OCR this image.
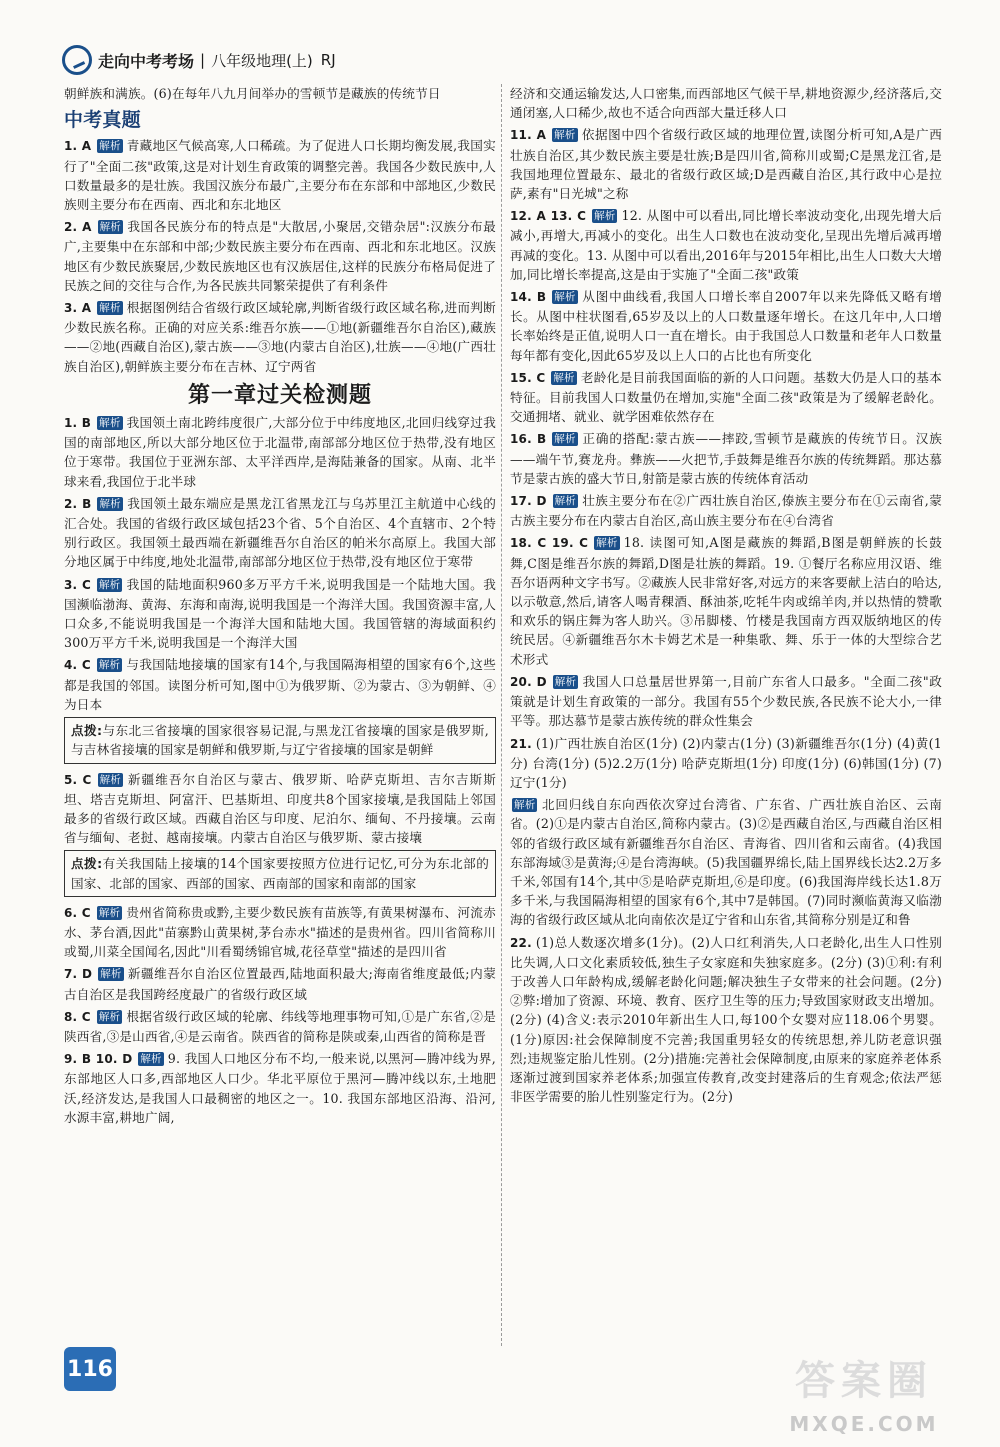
走向中考考场 | 八年级地理(上) RJ

朝鲜族和满族。(6)在每年八九月间举办的雪顿节是藏族的传统节日

中考真题

1. A 解析 青藏地区气候高寒,人口稀疏。为了促进人口长期均衡发展,我国实行了"全面二孩"政策,这是对计划生育政策的调整完善。我国各少数民族中,人口数量最多的是壮族。我国汉族分布最广,主要分布在东部和中部地区,少数民族则主要分布在西南、西北和东北地区

2. A 解析 我国各民族分布的特点是"大散居,小聚居,交错杂居":汉族分布最广,主要集中在东部和中部;少数民族主要分布在西南、西北和东北地区。汉族地区有少数民族聚居,少数民族地区也有汉族居住,这样的民族分布格局促进了民族之间的交往与合作,为各民族共同繁荣提供了有利条件

3. A 解析 根据图例结合省级行政区域轮廓,判断省级行政区域名称,进而判断少数民族名称。正确的对应关系:维吾尔族——①地(新疆维吾尔自治区),藏族——②地(西藏自治区),蒙古族——③地(内蒙古自治区),壮族——④地(广西壮族自治区),朝鲜族主要分布在吉林、辽宁两省

第一章过关检测题

1. B 解析 我国领土南北跨纬度很广,大部分位于中纬度地区,北回归线穿过我国的南部地区,所以大部分地区位于北温带,南部部分地区位于热带,没有地区位于寒带。我国位于亚洲东部、太平洋西岸,是海陆兼备的国家。从南、北半球来看,我国位于北半球

2. B 解析 我国领土最东端应是黑龙江省黑龙江与乌苏里江主航道中心线的汇合处。我国的省级行政区域包括23个省、5个自治区、4个直辖市、2个特别行政区。我国领土最西端在新疆维吾尔自治区的帕米尔高原上。我国大部分地区属于中纬度,地处北温带,南部部分地区位于热带,没有地区位于寒带

3. C 解析 我国的陆地面积960多万平方千米,说明我国是一个陆地大国。我国濒临渤海、黄海、东海和南海,说明我国是一个海洋大国。我国资源丰富,人口众多,不能说明我国是一个海洋大国和陆地大国。我国管辖的海域面积约300万平方千米,说明我国是一个海洋大国

4. C 解析 与我国陆地接壤的国家有14个,与我国隔海相望的国家有6个,这些都是我国的邻国。读图分析可知,图中①为俄罗斯、②为蒙古、③为朝鲜、④为日本

点拨:与东北三省接壤的国家很容易记混,与黑龙江省接壤的国家是俄罗斯,与吉林省接壤的国家是朝鲜和俄罗斯,与辽宁省接壤的国家是朝鲜

5. C 解析 新疆维吾尔自治区与蒙古、俄罗斯、哈萨克斯坦、吉尔吉斯斯坦、塔吉克斯坦、阿富汗、巴基斯坦、印度共8个国家接壤,是我国陆上邻国最多的省级行政区域。西藏自治区与印度、尼泊尔、缅甸、不丹接壤。云南省与缅甸、老挝、越南接壤。内蒙古自治区与俄罗斯、蒙古接壤

点拨:有关我国陆上接壤的14个国家要按照方位进行记忆,可分为东北部的国家、北部的国家、西部的国家、西南部的国家和南部的国家

6. C 解析 贵州省简称贵或黔,主要少数民族有苗族等,有黄果树瀑布、河流赤水、茅台酒,因此"苗寨黔山黄果树,茅台赤水"描述的是贵州省。四川省简称川或蜀,川菜全国闻名,因此"川看蜀绣锦官城,花径草堂"描述的是四川省

7. D 解析 新疆维吾尔自治区位置最西,陆地面积最大;海南省维度最低;内蒙古自治区是我国跨经度最广的省级行政区域

8. C 解析 根据省级行政区域的轮廓、纬线等地理事物可知,①是广东省,②是陕西省,③是山西省,④是云南省。陕西省的简称是陕或秦,山西省的简称是晋

9. B 10. D 解析 9. 我国人口地区分布不均,一般来说,以黑河—腾冲线为界,东部地区人口多,西部地区人口少。华北平原位于黑河—腾冲线以东,土地肥沃,经济发达,是我国人口最稠密的地区之一。10. 我国东部地区沿海、沿河,水源丰富,耕地广阔,

经济和交通运输发达,人口密集,而西部地区气候干旱,耕地资源少,经济落后,交通闭塞,人口稀少,故也不适合向西部大量迁移人口

11. A 解析 依据图中四个省级行政区域的地理位置,读图分析可知,A是广西壮族自治区,其少数民族主要是壮族;B是四川省,简称川或蜀;C是黑龙江省,是我国地理位置最东、最北的省级行政区域;D是西藏自治区,其行政中心是拉萨,素有"日光城"之称

12. A 13. C 解析 12. 从图中可以看出,同比增长率波动变化,出现先增大后减小,再增大,再减小的变化。出生人口数也在波动变化,呈现出先增后减再增再减的变化。13. 从图中可以看出,2016年与2015年相比,出生人口数大大增加,同比增长率提高,这是由于实施了"全面二孩"政策

14. B 解析 从图中曲线看,我国人口增长率自2007年以来先降低又略有增长。从图中柱状图看,65岁及以上的人口数量逐年增长。在这几年中,人口增长率始终是正值,说明人口一直在增长。由于我国总人口数量和老年人口数量每年都有变化,因此65岁及以上人口的占比也有所变化

15. C 解析 老龄化是目前我国面临的新的人口问题。基数大仍是人口的基本特征。目前我国人口数量仍在增加,实施"全面二孩"政策是为了缓解老龄化。交通拥堵、就业、就学困难依然存在

16. B 解析 正确的搭配:蒙古族——摔跤,雪顿节是藏族的传统节日。汉族——端午节,赛龙舟。彝族——火把节,手鼓舞是维吾尔族的传统舞蹈。那达慕节是蒙古族的盛大节日,射箭是蒙古族的传统体育活动

17. D 解析 壮族主要分布在②广西壮族自治区,傣族主要分布在①云南省,蒙古族主要分布在内蒙古自治区,高山族主要分布在④台湾省

18. C 19. C 解析 18. 读图可知,A图是藏族的舞蹈,B图是朝鲜族的长鼓舞,C图是维吾尔族的舞蹈,D图是壮族的舞蹈。19. ①餐厅名称应用汉语、维吾尔语两种文字书写。②藏族人民非常好客,对远方的来客要献上洁白的哈达,以示敬意,然后,请客人喝青稞酒、酥油茶,吃牦牛肉或绵羊肉,并以热情的赞歌和欢乐的锅庄舞为客人助兴。③吊脚楼、竹楼是我国南方西双版纳地区的传统民居。④新疆维吾尔木卡姆艺术是一种集歌、舞、乐于一体的大型综合艺术形式

20. D 解析 我国人口总量居世界第一,目前广东省人口最多。"全面二孩"政策就是计划生育政策的一部分。我国有55个少数民族,各民族不论大小,一律平等。那达慕节是蒙古族传统的群众性集会

21. (1)广西壮族自治区(1分) (2)内蒙古(1分) (3)新疆维吾尔(1分) (4)黄(1分) 台湾(1分) (5)2.2万(1分) 哈萨克斯坦(1分) 印度(1分) (6)韩国(1分) (7)辽宁(1分)

解析 北回归线自东向西依次穿过台湾省、广东省、广西壮族自治区、云南省。(2)①是内蒙古自治区,简称内蒙古。(3)②是西藏自治区,与西藏自治区相邻的省级行政区域有新疆维吾尔自治区、青海省、四川省和云南省。(4)我国东部海域③是黄海;④是台湾海峡。(5)我国疆界绵长,陆上国界线长达2.2万多千米,邻国有14个,其中⑤是哈萨克斯坦,⑥是印度。(6)我国海岸线长达1.8万多千米,与我国隔海相望的国家有6个,其中7是韩国。(7)同时濒临黄海又临渤海的省级行政区域从北向南依次是辽宁省和山东省,其简称分别是辽和鲁

22. (1)总人数逐次增多(1分)。(2)人口红利消失,人口老龄化,出生人口性别比失调,人口文化素质较低,独生子女家庭和失独家庭多。(2分) (3)①利:有利于改善人口年龄构成,缓解老龄化问题;解决独生子女带来的社会问题。(2分) ②弊:增加了资源、环境、教育、医疗卫生等的压力;导致国家财政支出增加。(2分) (4)含义:表示2010年新出生人口,每100个女婴对应118.06个男婴。(1分)原因:社会保障制度不完善;我国重男轻女的传统思想,养儿防老意识强烈;违规鉴定胎儿性别。(2分)措施:完善社会保障制度,由原来的家庭养老体系逐渐过渡到国家养老体系;加强宣传教育,改变封建落后的生育观念;依法严惩非医学需要的胎儿性别鉴定行为。(2分)

116	答案圈
MXQE.COM
